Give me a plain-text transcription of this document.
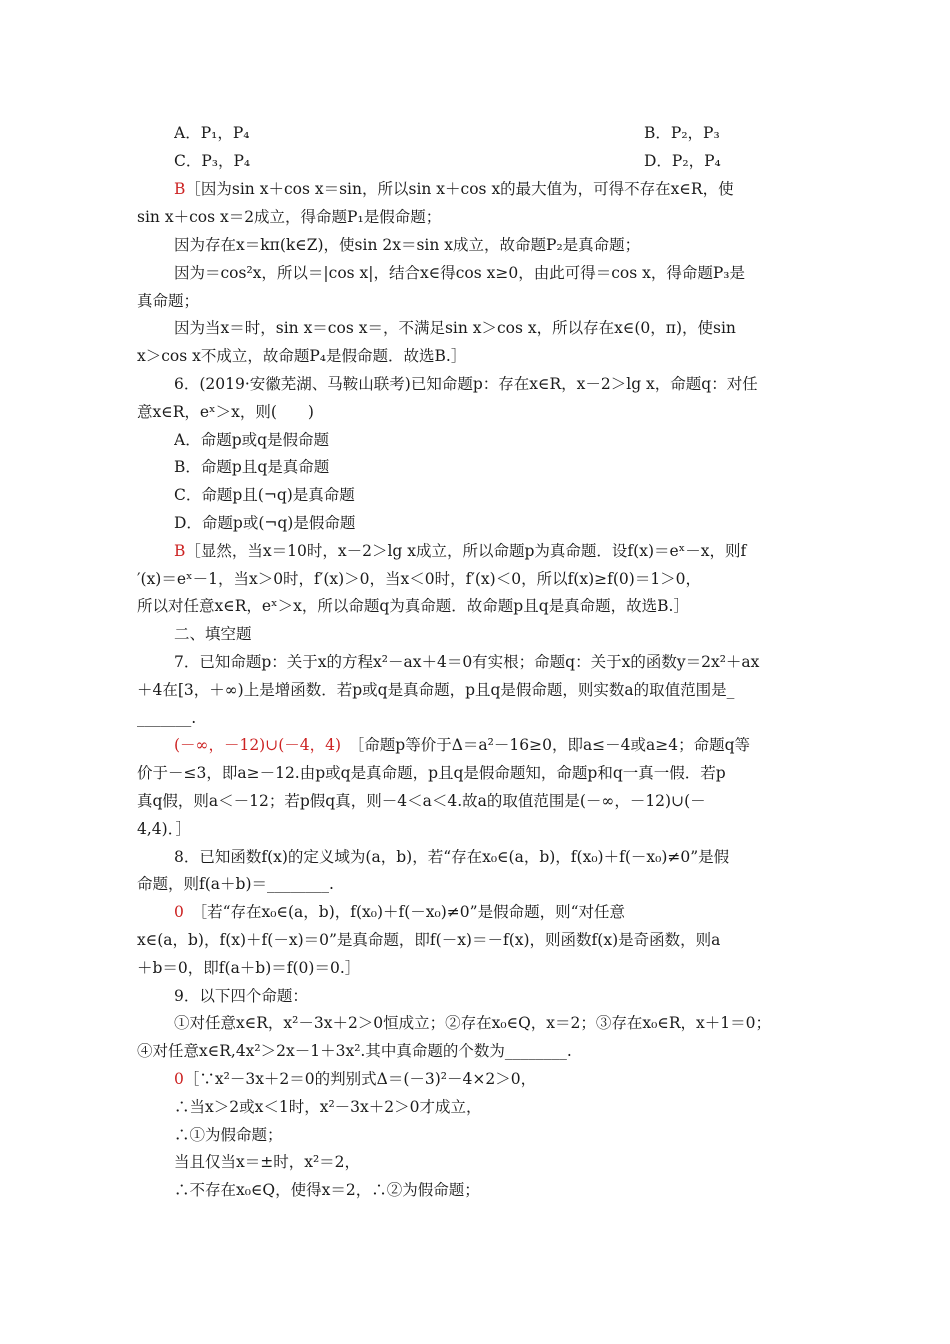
A．P₁，P₄	B．P₂，P₃
C．P₃，P₄	D．P₂，P₄
B［因为sin x＋cos x＝sin，所以sin x＋cos x的最大值为，可得不存在x∈R，使
sin x＋cos x＝2成立，得命题P₁是假命题；
因为存在x＝kπ(k∈Z)，使sin 2x＝sin x成立，故命题P₂是真命题；
因为＝cos²x，所以＝|cos x|，结合x∈得cos x≥0，由此可得＝cos x，得命题P₃是
真命题；
因为当x＝时，sin x＝cos x＝，不满足sin x＞cos x，所以存在x∈(0，π)，使sin
x＞cos x不成立，故命题P₄是假命题．故选B.］
6．(2019·安徽芜湖、马鞍山联考)已知命题p：存在x∈R，x－2＞lg x，命题q：对任
意x∈R，eˣ＞x，则(　　)
A．命题p或q是假命题
B．命题p且q是真命题
C．命题p且(¬q)是真命题
D．命题p或(¬q)是假命题
B［显然，当x＝10时，x－2＞lg x成立，所以命题p为真命题．设f(x)＝eˣ－x，则f
′(x)＝eˣ－1，当x＞0时，f′(x)＞0，当x＜0时，f′(x)＜0，所以f(x)≥f(0)＝1＞0，
所以对任意x∈R，eˣ＞x，所以命题q为真命题．故命题p且q是真命题，故选B.］
二、填空题
7．已知命题p：关于x的方程x²－ax＋4＝0有实根；命题q：关于x的函数y＝2x²＋ax
＋4在[3，＋∞)上是增函数．若p或q是真命题，p且q是假命题，则实数a的取值范围是_
_______.
(－∞，－12)∪(－4，4)　［命题p等价于Δ＝a²－16≥0，即a≤－4或a≥4；命题q等
价于－≤3，即a≥－12.由p或q是真命题，p且q是假命题知，命题p和q一真一假．若p
真q假，则a＜－12；若p假q真，则－4＜a＜4.故a的取值范围是(－∞，－12)∪(－
4,4)．］
8．已知函数f(x)的定义域为(a，b)，若“存在x₀∈(a，b)，f(x₀)＋f(－x₀)≠0”是假
命题，则f(a＋b)＝________.
0　［若“存在x₀∈(a，b)，f(x₀)＋f(－x₀)≠0”是假命题，则“对任意
x∈(a，b)，f(x)＋f(－x)＝0”是真命题，即f(－x)＝－f(x)，则函数f(x)是奇函数，则a
＋b＝0，即f(a＋b)＝f(0)＝0.］
9．以下四个命题：
①对任意x∈R，x²－3x＋2＞0恒成立；②存在x₀∈Q，x＝2；③存在x₀∈R，x＋1＝0；
④对任意x∈R,4x²＞2x－1＋3x².其中真命题的个数为________.
0［∵x²－3x＋2＝0的判别式Δ＝(－3)²－4×2＞0，
∴当x＞2或x＜1时，x²－3x＋2＞0才成立，
∴①为假命题；
当且仅当x＝±时，x²＝2，
∴不存在x₀∈Q，使得x＝2，∴②为假命题；
